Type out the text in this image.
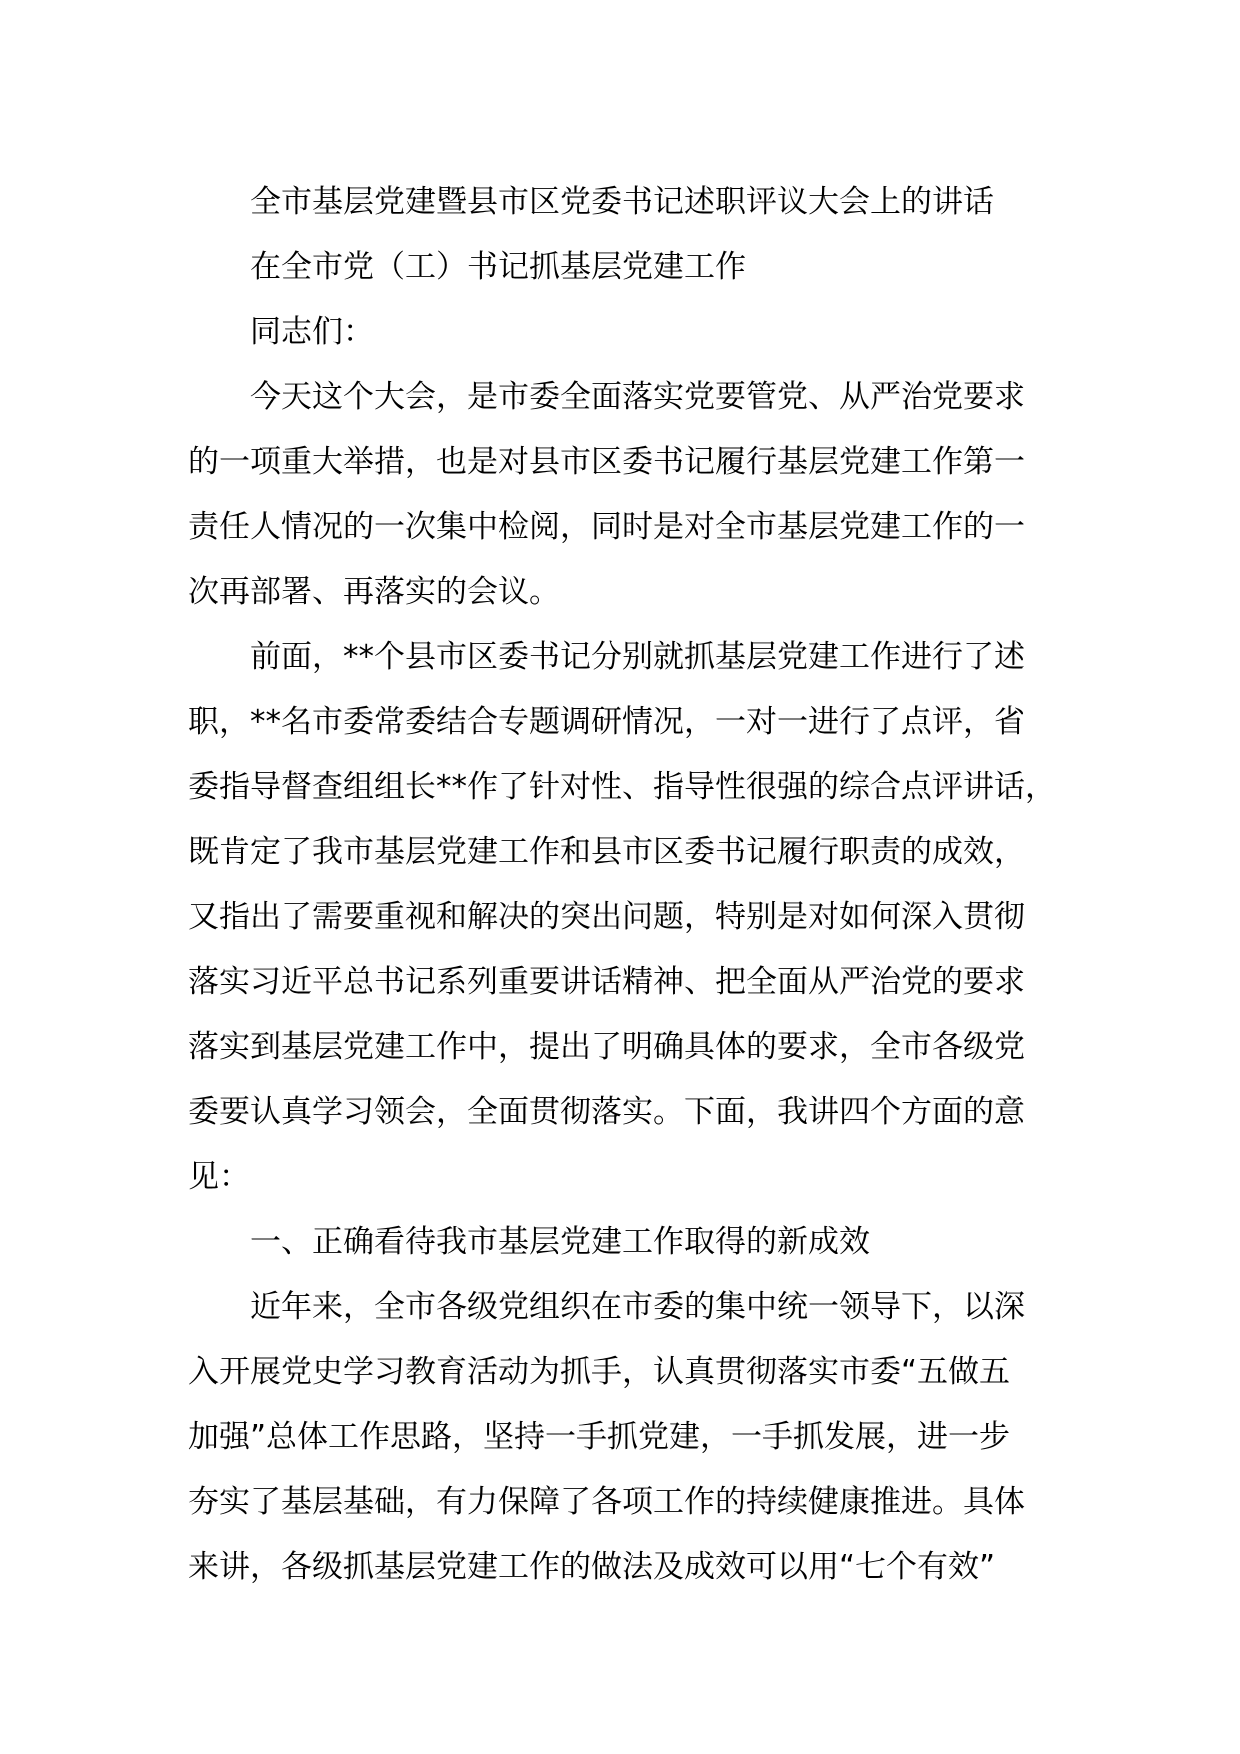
全市基层党建暨县市区党委书记述职评议大会上的讲话
在全市党（工）书记抓基层党建工作
同志们：
今天这个大会，是市委全面落实党要管党、从严治党要求
的一项重大举措，也是对县市区委书记履行基层党建工作第一
责任人情况的一次集中检阅，同时是对全市基层党建工作的一
次再部署、再落实的会议。
前面，**个县市区委书记分别就抓基层党建工作进行了述
职，**名市委常委结合专题调研情况，一对一进行了点评，省
委指导督查组组长**作了针对性、指导性很强的综合点评讲话，
既肯定了我市基层党建工作和县市区委书记履行职责的成效，
又指出了需要重视和解决的突出问题，特别是对如何深入贯彻
落实习近平总书记系列重要讲话精神、把全面从严治党的要求
落实到基层党建工作中，提出了明确具体的要求，全市各级党
委要认真学习领会，全面贯彻落实。下面，我讲四个方面的意
见：
一、正确看待我市基层党建工作取得的新成效
近年来，全市各级党组织在市委的集中统一领导下，以深
入开展党史学习教育活动为抓手，认真贯彻落实市委“五做五
加强”总体工作思路，坚持一手抓党建，一手抓发展，进一步
夯实了基层基础，有力保障了各项工作的持续健康推进。具体
来讲，各级抓基层党建工作的做法及成效可以用“七个有效”
